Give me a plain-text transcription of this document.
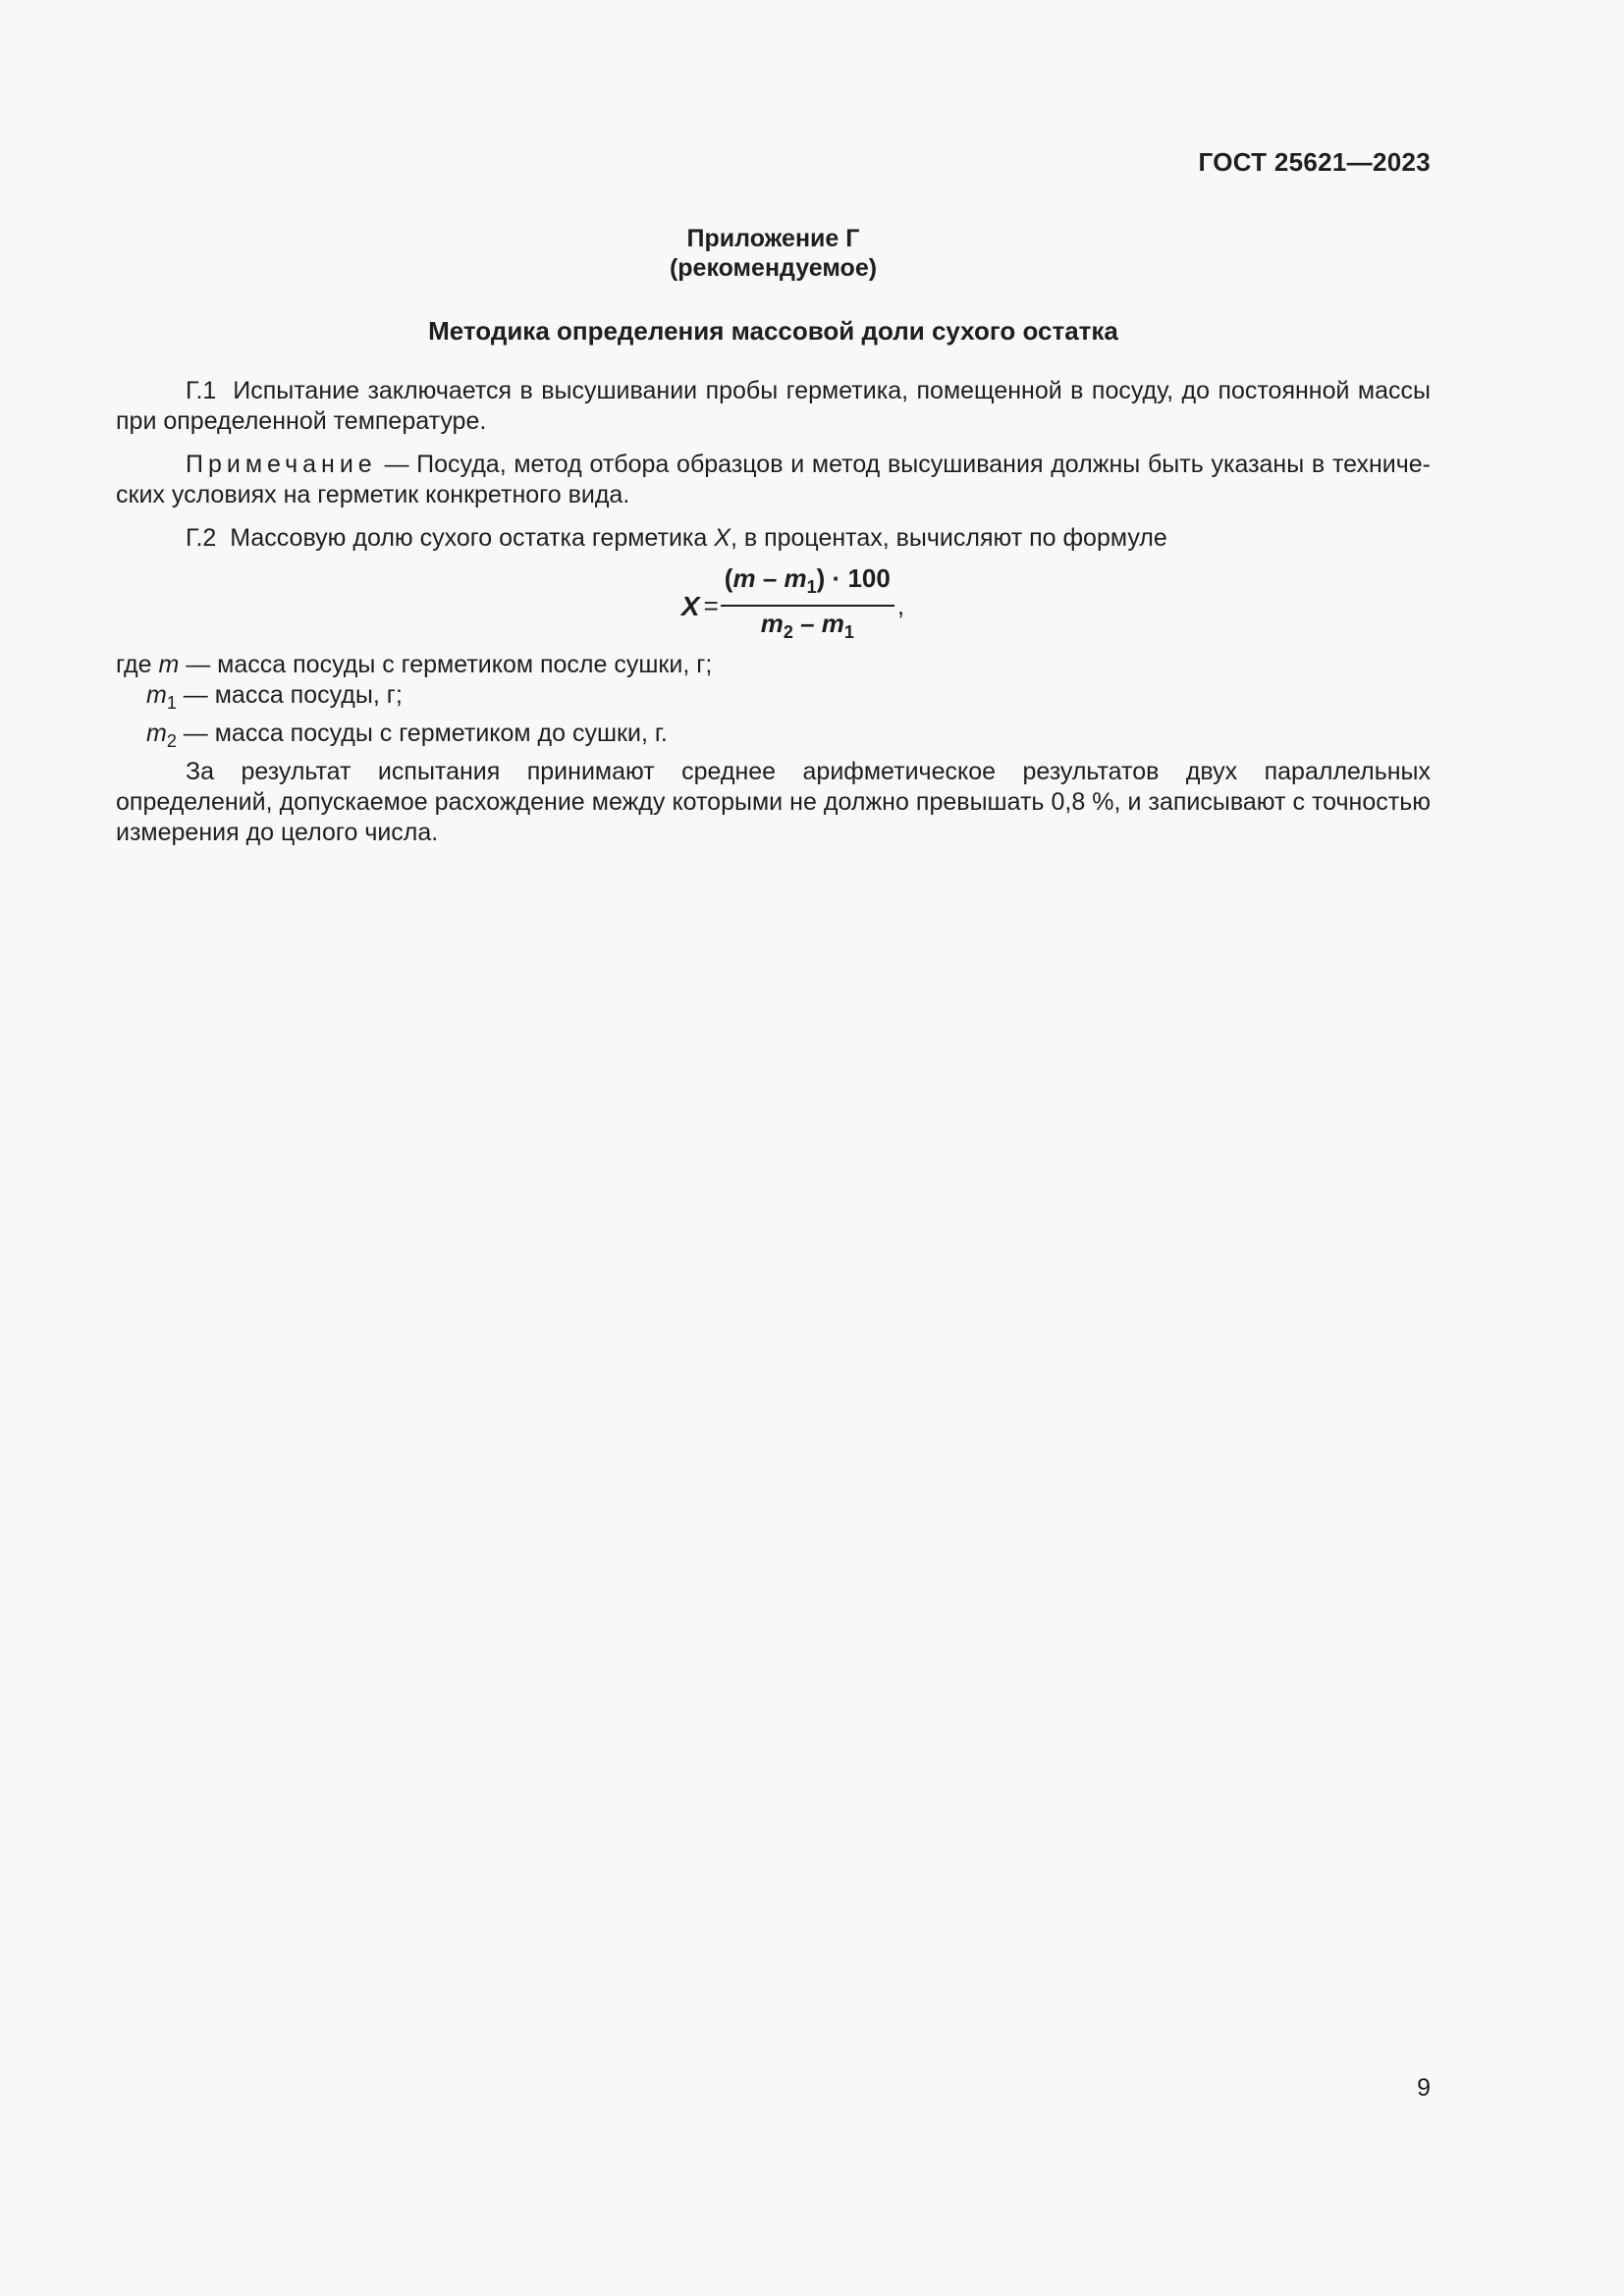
ГОСТ 25621—2023
Приложение Г
(рекомендуемое)
Методика определения массовой доли сухого остатка

Г.1 Испытание заключается в высушивании пробы герметика, помещенной в посуду, до постоянной массы при определенной температуре.

Примечание — Посуда, метод отбора образцов и метод высушивания должны быть указаны в техниче-ских условиях на герметик конкретного вида.

Г.2 Массовую долю сухого остатка герметика X, в процентах, вычисляют по формуле

$X = \frac{(m - m_1) \cdot 100}{m_2 - m_1}$ ,

где m — масса посуды с герметиком после сушки, г;

$m_1$ — масса посуды, г;

$m_2$ — масса посуды с герметиком до сушки, г.

За результат испытания принимают среднее арифметическое результатов двух параллельных определений, допускаемое расхождение между которыми не должно превышать 0,8 %, и записывают с точностью измерения до целого числа.

9
